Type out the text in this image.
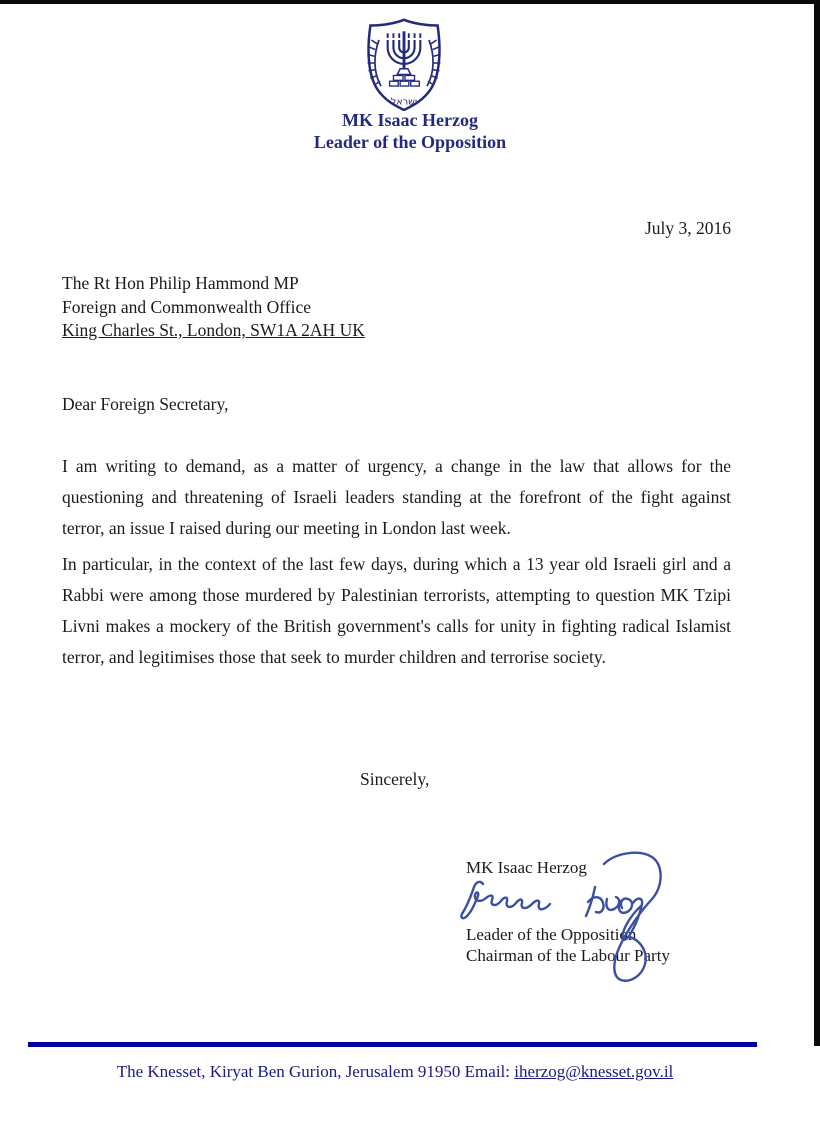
ישראל
MK Isaac Herzog
Leader of the Opposition
July 3, 2016
The Rt Hon Philip Hammond MP
Foreign and Commonwealth Office
King Charles St., London, SW1A 2AH UK
Dear Foreign Secretary,

I am writing to demand, as a matter of urgency, a change in the law that allows for the questioning and threatening of Israeli leaders standing at the forefront of the fight against terror, an issue I raised during our meeting in London last week.

In particular, in the context of the last few days, during which a 13 year old Israeli girl and a Rabbi were among those murdered by Palestinian terrorists, attempting to question MK Tzipi Livni makes a mockery of the British government's calls for unity in fighting radical Islamist terror, and legitimises those that seek to murder children and terrorise society.

Sincerely,
MK Isaac Herzog
Leader of the Opposition
Chairman of the Labour Party
The Knesset, Kiryat Ben Gurion, Jerusalem 91950 Email: iherzog@knesset.gov.il
